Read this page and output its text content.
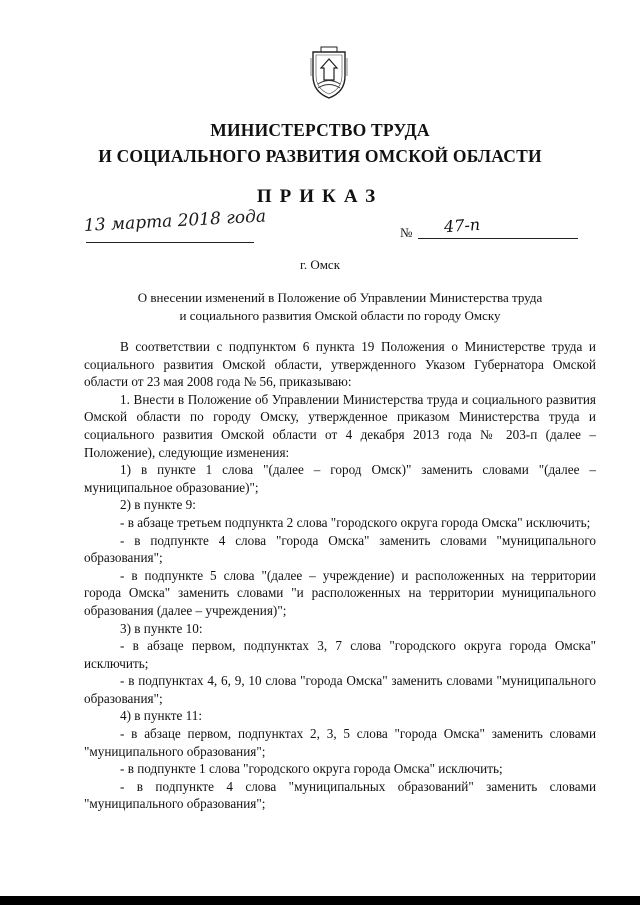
МИНИСТЕРСТВО ТРУДА
И СОЦИАЛЬНОГО РАЗВИТИЯ ОМСКОЙ ОБЛАСТИ
ПРИКАЗ
13 марта 2018 года	№ 47-п
г. Омск
О внесении изменений в Положение об Управлении Министерства труда
и социального развития Омской области по городу Омску

В соответствии с подпунктом 6 пункта 19 Положения о Министерстве труда и социального развития Омской области, утвержденного Указом Губернатора Омской области от 23 мая 2008 года № 56, приказываю:

1. Внести в Положение об Управлении Министерства труда и социального развития Омской области по городу Омску, утвержденное приказом Министерства труда и социального развития Омской области от 4 декабря 2013 года № 203-п (далее – Положение), следующие изменения:

1) в пункте 1 слова "(далее – город Омск)" заменить словами "(далее – муниципальное образование)";

2) в пункте 9:

- в абзаце третьем подпункта 2 слова "городского округа города Омска" исключить;

- в подпункте 4 слова "города Омска" заменить словами "муниципального образования";

- в подпункте 5 слова "(далее – учреждение) и расположенных на территории города Омска" заменить словами "и расположенных на территории муниципального образования (далее – учреждения)";

3) в пункте 10:

- в абзаце первом, подпунктах 3, 7 слова "городского округа города Омска" исключить;

- в подпунктах 4, 6, 9, 10 слова "города Омска" заменить словами "муниципального образования";

4) в пункте 11:

- в абзаце первом, подпунктах 2, 3, 5 слова "города Омска" заменить словами "муниципального образования";

- в подпункте 1 слова "городского округа города Омска" исключить;

- в подпункте 4 слова "муниципальных образований" заменить словами "муниципального образования";
